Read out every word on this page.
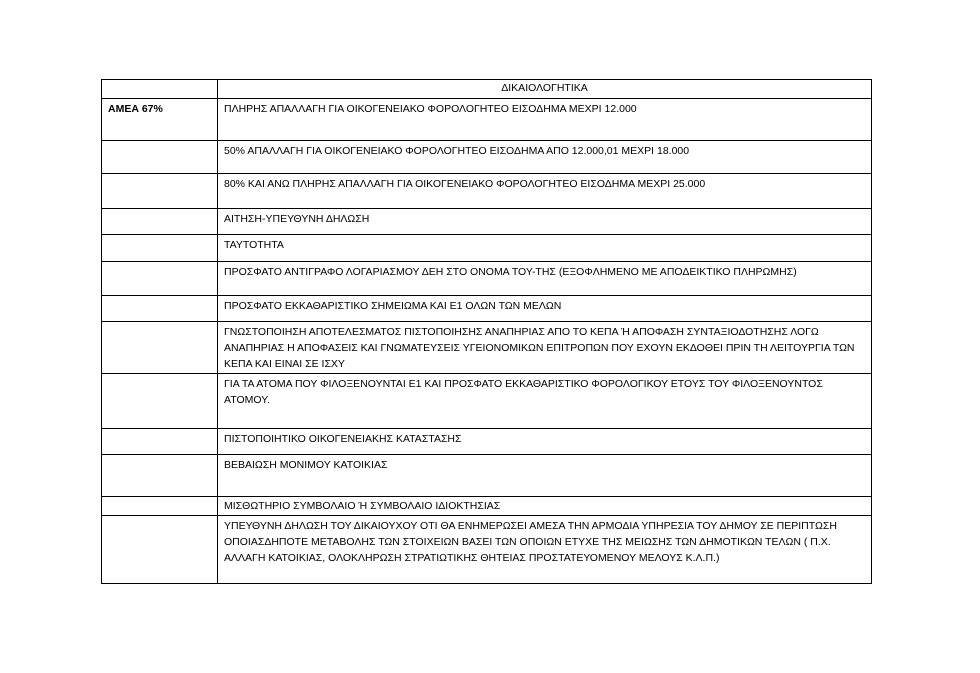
	ΔΙΚΑΙΟΛΟΓΗΤΙΚΑ

ΑΜΕΑ 67%	ΠΛΗΡΗΣ ΑΠΑΛΛΑΓΗ ΓΙΑ ΟΙΚΟΓΕΝΕΙΑΚΟ ΦΟΡΟΛΟΓΗΤΕΟ ΕΙΣΟΔΗΜΑ ΜΕΧΡΙ 12.000

	50% ΑΠΑΛΛΑΓΗ ΓΙΑ ΟΙΚΟΓΕΝΕΙΑΚΟ ΦΟΡΟΛΟΓΗΤΕΟ ΕΙΣΟΔΗΜΑ ΑΠΟ 12.000,01 ΜΕΧΡΙ 18.000

	80% ΚΑΙ ΑΝΩ ΠΛΗΡΗΣ ΑΠΑΛΛΑΓΗ ΓΙΑ ΟΙΚΟΓΕΝΕΙΑΚΟ ΦΟΡΟΛΟΓΗΤΕΟ ΕΙΣΟΔΗΜΑ ΜΕΧΡΙ 25.000

	ΑΙΤΗΣΗ-ΥΠΕΥΘΥΝΗ ΔΗΛΩΣΗ

	ΤΑΥΤΟΤΗΤΑ

	ΠΡΟΣΦΑΤΟ ΑΝΤΙΓΡΑΦΟ ΛΟΓΑΡΙΑΣΜΟΥ ΔΕΗ ΣΤΟ ΟΝΟΜΑ ΤΟΥ-ΤΗΣ (ΕΞΟΦΛΗΜΕΝΟ ΜΕ ΑΠΟΔΕΙΚΤΙΚΟ ΠΛΗΡΩΜΗΣ)

	ΠΡΟΣΦΑΤΟ ΕΚΚΑΘΑΡΙΣΤΙΚΟ ΣΗΜΕΙΩΜΑ ΚΑΙ Ε1 ΟΛΩΝ ΤΩΝ ΜΕΛΩΝ

	ΓΝΩΣΤΟΠΟΙΗΣΗ ΑΠΟΤΕΛΕΣΜΑΤΟΣ ΠΙΣΤΟΠΟΙΗΣΗΣ ΑΝΑΠΗΡΙΑΣ ΑΠΟ ΤΟ ΚΕΠΑ Ή ΑΠΟΦΑΣΗ ΣΥΝΤΑΞΙΟΔΟΤΗΣΗΣ ΛΟΓΩ ΑΝΑΠΗΡΙΑΣ Η ΑΠΟΦΑΣΕΙΣ ΚΑΙ ΓΝΩΜΑΤΕΥΣΕΙΣ ΥΓΕΙΟΝΟΜΙΚΩΝ ΕΠΙΤΡΟΠΩΝ ΠΟΥ ΕΧΟΥΝ ΕΚΔΟΘΕΙ ΠΡΙΝ ΤΗ ΛΕΙΤΟΥΡΓΙΑ ΤΩΝ ΚΕΠΑ ΚΑΙ ΕΙΝΑΙ ΣΕ ΙΣΧΥ

	ΓΙΑ ΤΑ ΑΤΟΜΑ ΠΟΥ ΦΙΛΟΞΕΝΟΥΝΤΑΙ Ε1 ΚΑΙ ΠΡΟΣΦΑΤΟ ΕΚΚΑΘΑΡΙΣΤΙΚΟ ΦΟΡΟΛΟΓΙΚΟΥ ΕΤΟΥΣ ΤΟΥ ΦΙΛΟΞΕΝΟΥΝΤΟΣ ΑΤΟΜΟΥ.

	ΠΙΣΤΟΠΟΙΗΤΙΚΟ ΟΙΚΟΓΕΝΕΙΑΚΗΣ ΚΑΤΑΣΤΑΣΗΣ

	ΒΕΒΑΙΩΣΗ ΜΟΝΙΜΟΥ ΚΑΤΟΙΚΙΑΣ

	ΜΙΣΘΩΤΗΡΙΟ ΣΥΜΒΟΛΑΙΟ Ή ΣΥΜΒΟΛΑΙΟ ΙΔΙΟΚΤΗΣΙΑΣ

	ΥΠΕΥΘΥΝΗ ΔΗΛΩΣΗ ΤΟΥ ΔΙΚΑΙΟΥΧΟΥ ΟΤΙ ΘΑ ΕΝΗΜΕΡΩΣΕΙ ΑΜΕΣΑ ΤΗΝ ΑΡΜΟΔΙΑ ΥΠΗΡΕΣΙΑ ΤΟΥ ΔΗΜΟΥ ΣΕ ΠΕΡΙΠΤΩΣΗ ΟΠΟΙΑΣΔΗΠΟΤΕ ΜΕΤΑΒΟΛΗΣ ΤΩΝ ΣΤΟΙΧΕΙΩΝ ΒΑΣΕΙ ΤΩΝ ΟΠΟΙΩΝ ΕΤΥΧΕ ΤΗΣ ΜΕΙΩΣΗΣ ΤΩΝ ΔΗΜΟΤΙΚΩΝ ΤΕΛΩΝ ( Π.Χ. ΑΛΛΑΓΗ ΚΑΤΟΙΚΙΑΣ, ΟΛΟΚΛΗΡΩΣΗ ΣΤΡΑΤΙΩΤΙΚΗΣ ΘΗΤΕΙΑΣ ΠΡΟΣΤΑΤΕΥΟΜΕΝΟΥ ΜΕΛΟΥΣ Κ.Λ.Π.)
